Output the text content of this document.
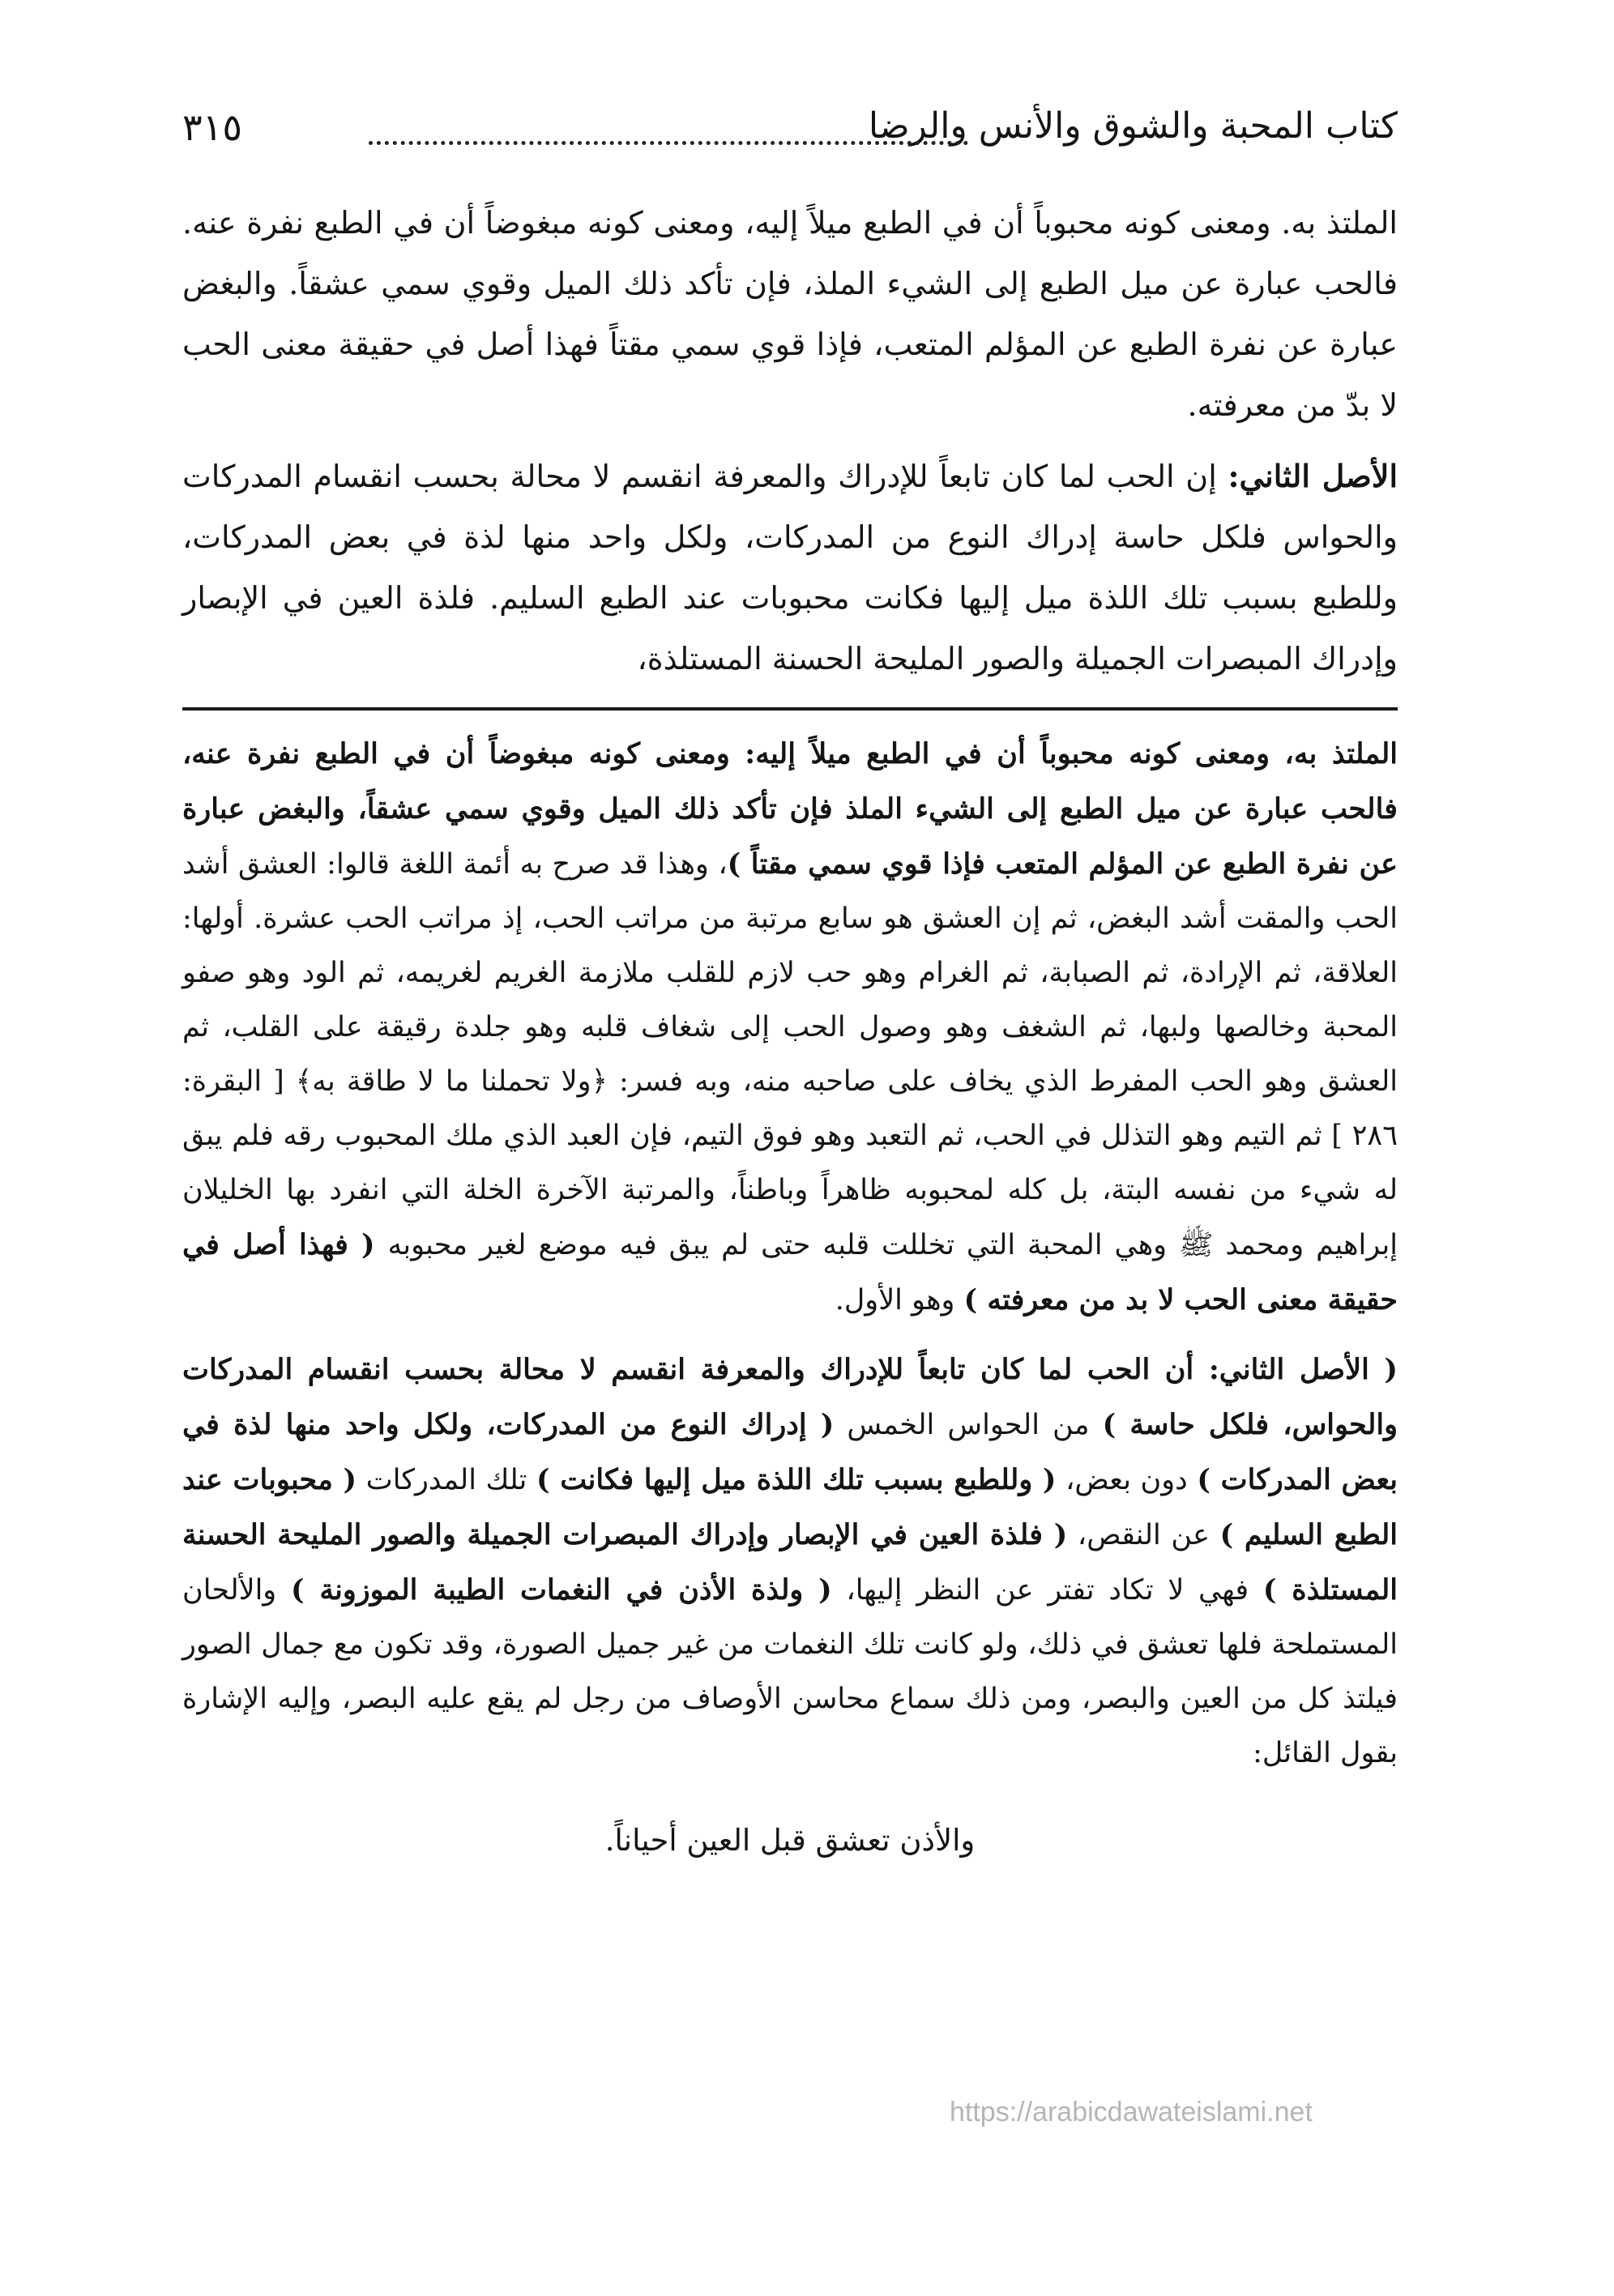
كتاب المحبة والشوق والأنس والرضا
٣١٥

الملتذ به. ومعنى كونه محبوباً أن في الطبع ميلاً إليه، ومعنى كونه مبغوضاً أن في الطبع نفرة عنه. فالحب عبارة عن ميل الطبع إلى الشيء الملذ، فإن تأكد ذلك الميل وقوي سمي عشقاً. والبغض عبارة عن نفرة الطبع عن المؤلم المتعب، فإذا قوي سمي مقتاً فهذا أصل في حقيقة معنى الحب لا بدّ من معرفته.

الأصل الثاني: إن الحب لما كان تابعاً للإدراك والمعرفة انقسم لا محالة بحسب انقسام المدركات والحواس فلكل حاسة إدراك النوع من المدركات، ولكل واحد منها لذة في بعض المدركات، وللطبع بسبب تلك اللذة ميل إليها فكانت محبوبات عند الطبع السليم. فلذة العين في الإبصار وإدراك المبصرات الجميلة والصور المليحة الحسنة المستلذة،

الملتذ به، ومعنى كونه محبوباً أن في الطبع ميلاً إليه: ومعنى كونه مبغوضاً أن في الطبع نفرة عنه، فالحب عبارة عن ميل الطبع إلى الشيء الملذ فإن تأكد ذلك الميل وقوي سمي عشقاً، والبغض عبارة عن نفرة الطبع عن المؤلم المتعب فإذا قوي سمي مقتاً )، وهذا قد صرح به أئمة اللغة قالوا: العشق أشد الحب والمقت أشد البغض، ثم إن العشق هو سابع مرتبة من مراتب الحب، إذ مراتب الحب عشرة. أولها: العلاقة، ثم الإرادة، ثم الصبابة، ثم الغرام وهو حب لازم للقلب ملازمة الغريم لغريمه، ثم الود وهو صفو المحبة وخالصها ولبها، ثم الشغف وهو وصول الحب إلى شغاف قلبه وهو جلدة رقيقة على القلب، ثم العشق وهو الحب المفرط الذي يخاف على صاحبه منه، وبه فسر: ﴿ولا تحملنا ما لا طاقة به﴾ [ البقرة: ٢٨٦ ] ثم التيم وهو التذلل في الحب، ثم التعبد وهو فوق التيم، فإن العبد الذي ملك المحبوب رقه فلم يبق له شيء من نفسه البتة، بل كله لمحبوبه ظاهراً وباطناً، والمرتبة الآخرة الخلة التي انفرد بها الخليلان إبراهيم ومحمد ﷺ وهي المحبة التي تخللت قلبه حتى لم يبق فيه موضع لغير محبوبه ( فهذا أصل في حقيقة معنى الحب لا بد من معرفته ) وهو الأول.

( الأصل الثاني: أن الحب لما كان تابعاً للإدراك والمعرفة انقسم لا محالة بحسب انقسام المدركات والحواس، فلكل حاسة ) من الحواس الخمس ( إدراك النوع من المدركات، ولكل واحد منها لذة في بعض المدركات ) دون بعض، ( وللطبع بسبب تلك اللذة ميل إليها فكانت ) تلك المدركات ( محبوبات عند الطبع السليم ) عن النقص، ( فلذة العين في الإبصار وإدراك المبصرات الجميلة والصور المليحة الحسنة المستلذة ) فهي لا تكاد تفتر عن النظر إليها، ( ولذة الأذن في النغمات الطيبة الموزونة ) والألحان المستملحة فلها تعشق في ذلك، ولو كانت تلك النغمات من غير جميل الصورة، وقد تكون مع جمال الصور فيلتذ كل من العين والبصر، ومن ذلك سماع محاسن الأوصاف من رجل لم يقع عليه البصر، وإليه الإشارة بقول القائل:

والأذن تعشق قبل العين أحياناً.
https://arabicdawateislami.net
